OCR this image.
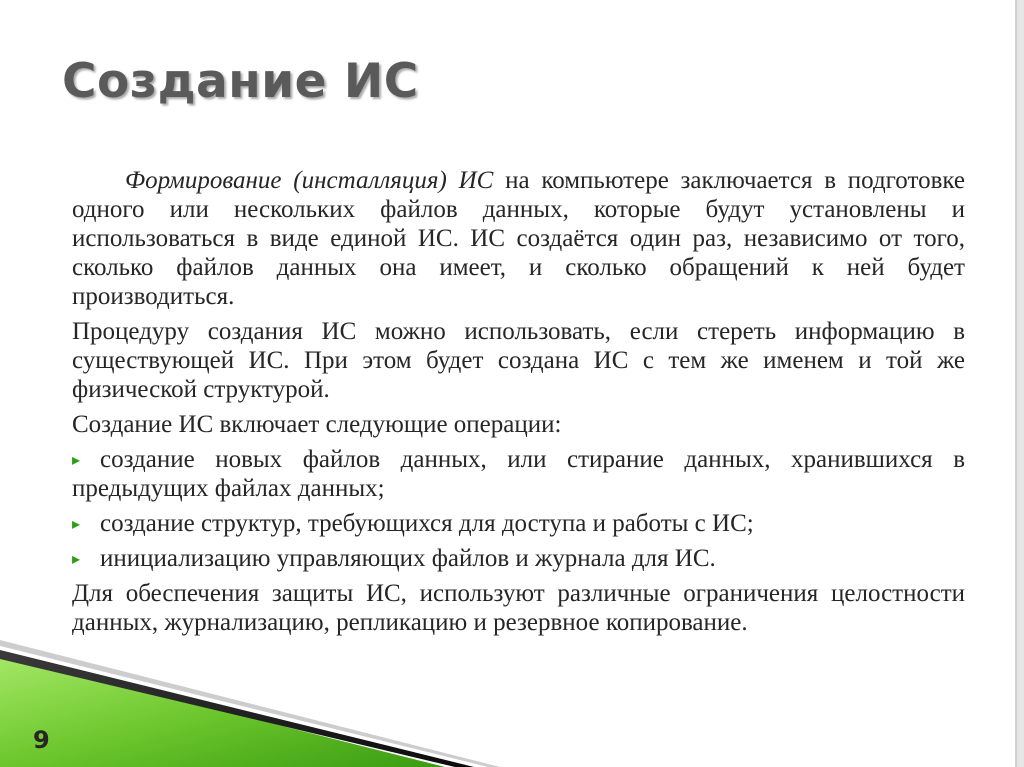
Создание ИС

Формирование (инсталляция) ИС на компьютере заключается в подготовке одного или нескольких файлов данных, которые будут установлены и использоваться в виде единой ИС. ИС создаётся один раз, независимо от того, сколько файлов данных она имеет, и сколько обращений к ней будет производиться.

Процедуру создания ИС можно использовать, если стереть информацию в существующей ИС. При этом будет создана ИС с тем же именем и той же физической структурой.

Создание ИС включает следующие операции:

▸ создание новых файлов данных, или стирание данных, хранившихся в предыдущих файлах данных;
▸ создание структур, требующихся для доступа и работы с ИС;
▸ инициализацию управляющих файлов и журнала для ИС.

Для обеспечения защиты ИС, используют различные ограничения целостности данных, журнализацию, репликацию и резервное копирование.

9
